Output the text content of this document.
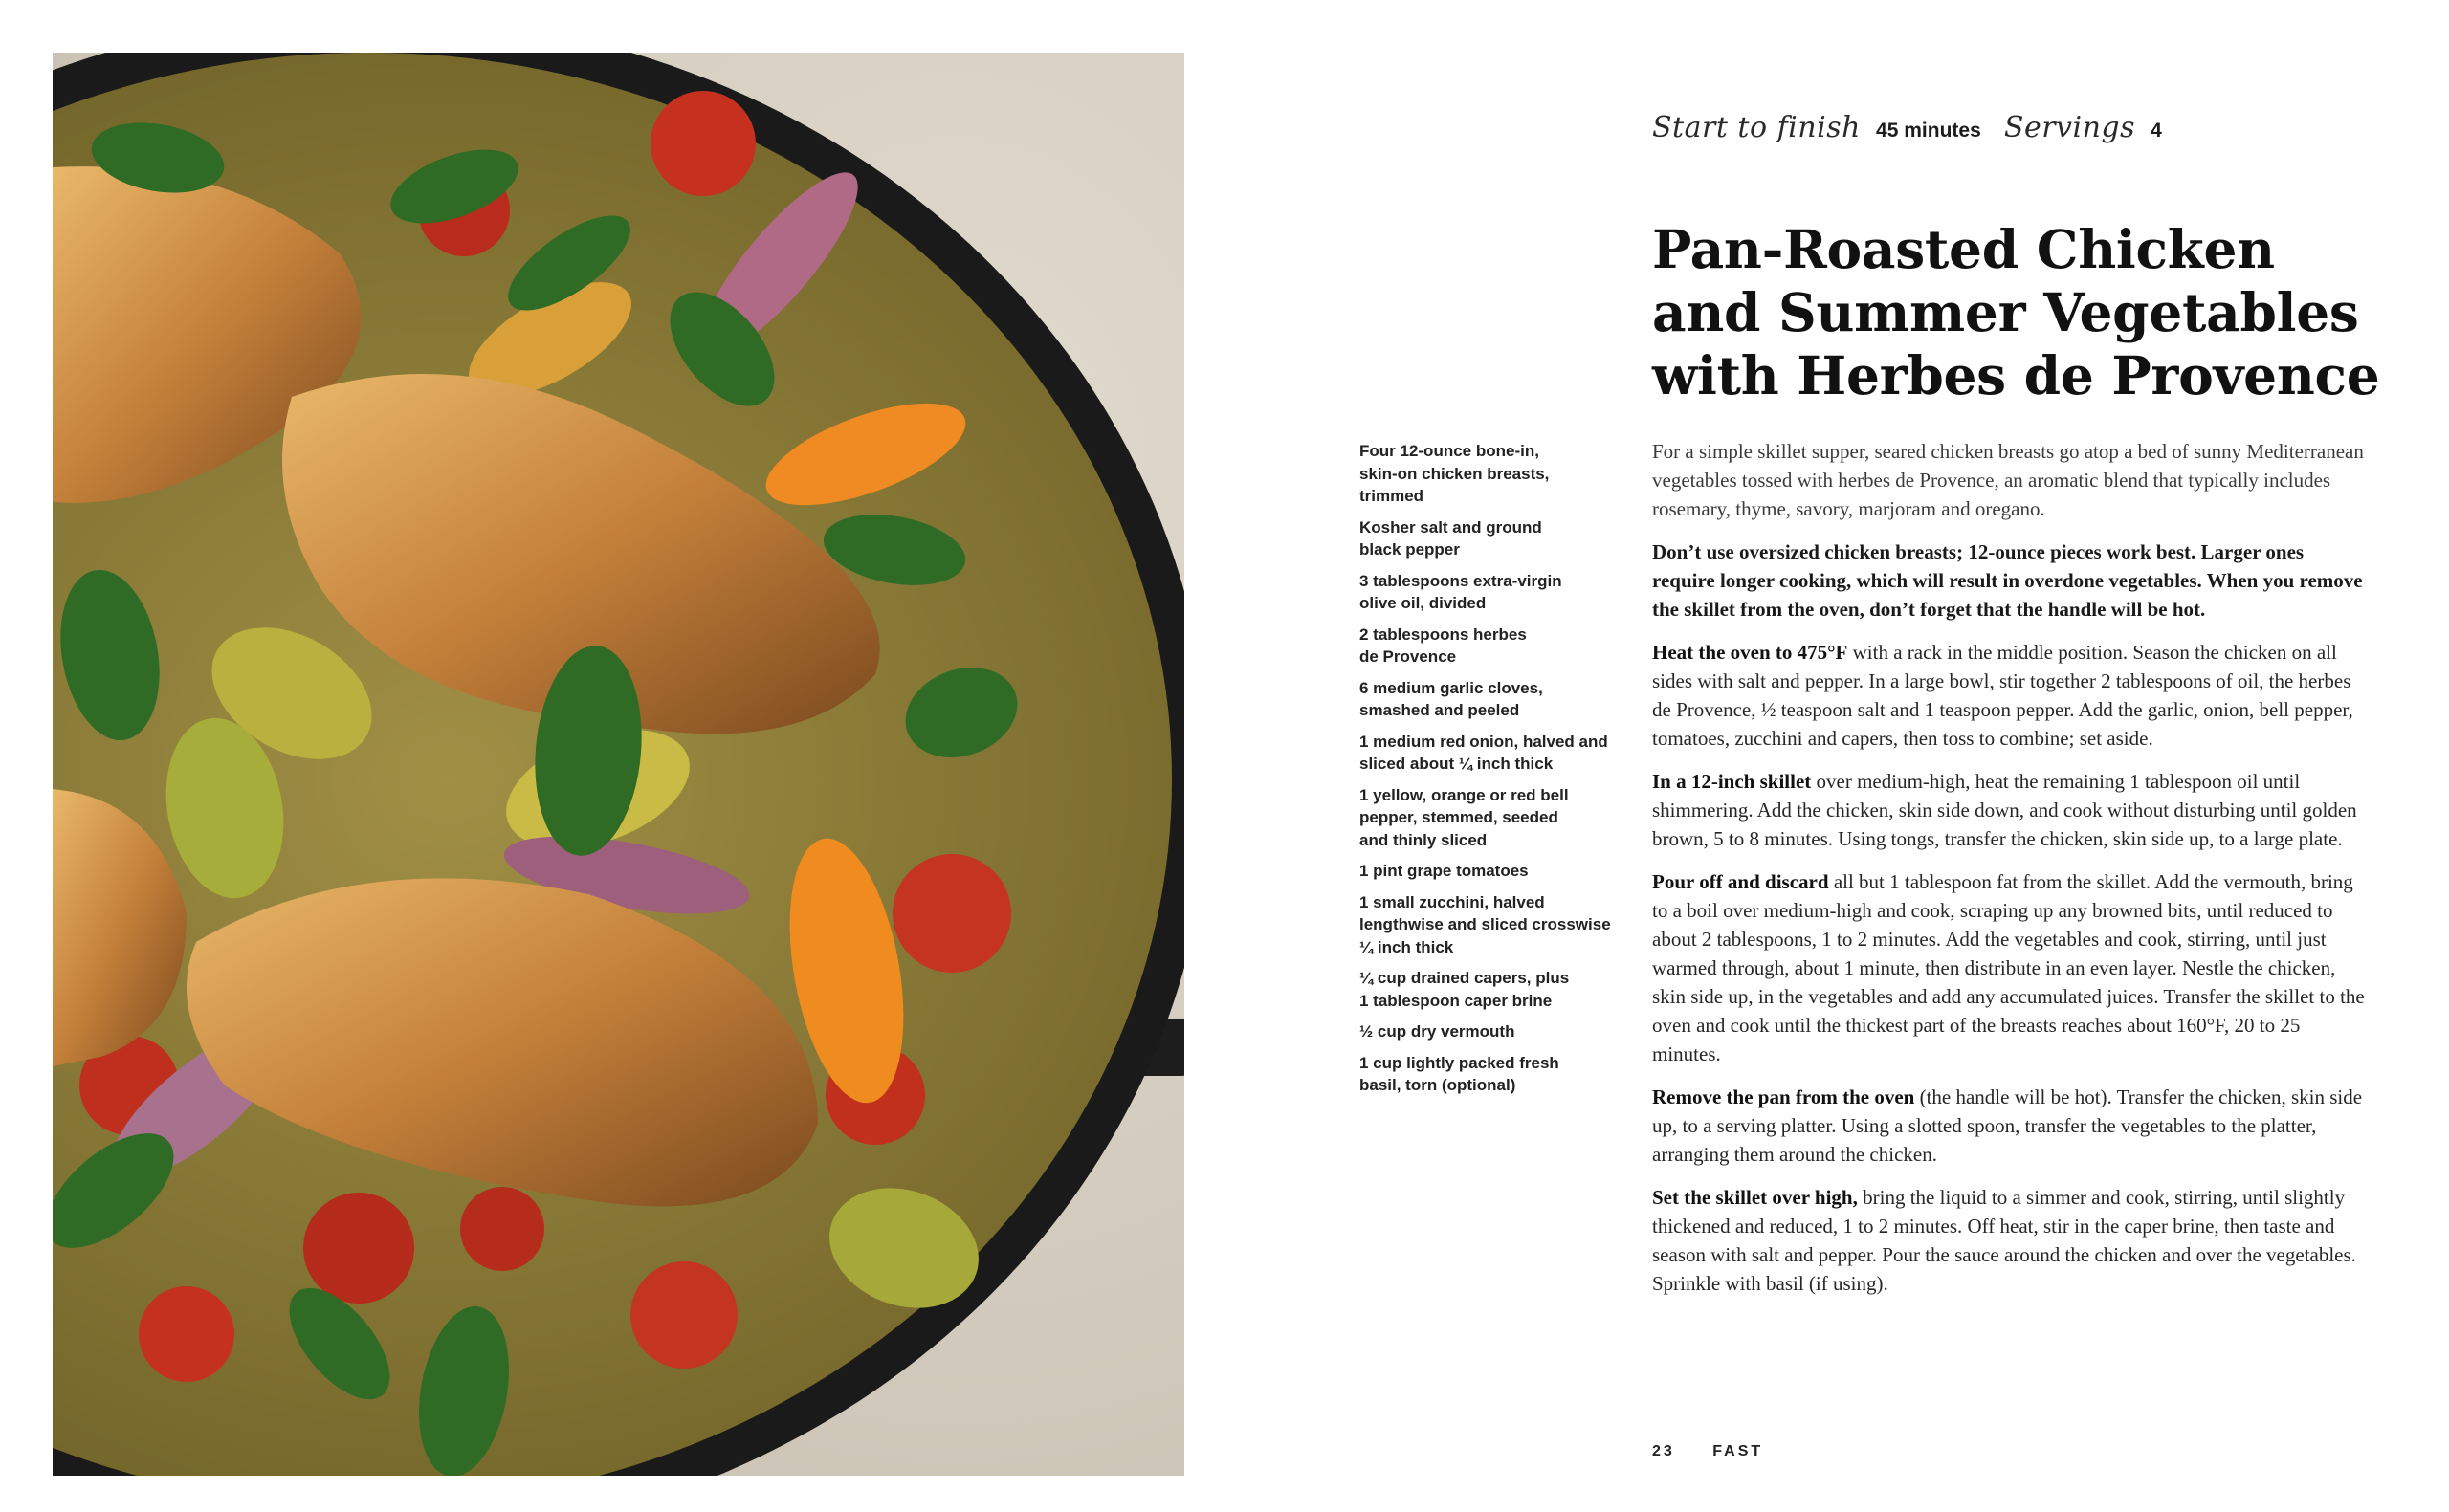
Start to finish 45 minutes Servings 4
Pan-Roasted Chicken
and Summer Vegetables
with Herbes de Provence
Four 12-ounce bone-in,
skin-on chicken breasts,
trimmed
Kosher salt and ground
black pepper
3 tablespoons extra-virgin
olive oil, divided
2 tablespoons herbes
de Provence
6 medium garlic cloves,
smashed and peeled
1 medium red onion, halved and
sliced about ¼ inch thick
1 yellow, orange or red bell
pepper, stemmed, seeded
and thinly sliced
1 pint grape tomatoes
1 small zucchini, halved
lengthwise and sliced crosswise
¼ inch thick
¼ cup drained capers, plus
1 tablespoon caper brine
½ cup dry vermouth
1 cup lightly packed fresh
basil, torn (optional)

For a simple skillet supper, seared chicken breasts go atop a bed of sunny Mediterranean vegetables tossed with herbes de Provence, an aromatic blend that typically includes rosemary, thyme, savory, marjoram and oregano.

Don’t use oversized chicken breasts; 12-ounce pieces work best. Larger ones require longer cooking, which will result in overdone vegetables. When you remove the skillet from the oven, don’t forget that the handle will be hot.

Heat the oven to 475°F with a rack in the middle position. Season the chicken on all sides with salt and pepper. In a large bowl, stir together 2 tablespoons of oil, the herbes de Provence, ½ teaspoon salt and 1 teaspoon pepper. Add the garlic, onion, bell pepper, tomatoes, zucchini and capers, then toss to combine; set aside.

In a 12-inch skillet over medium-high, heat the remaining 1 tablespoon oil until shimmering. Add the chicken, skin side down, and cook without disturbing until golden brown, 5 to 8 minutes. Using tongs, transfer the chicken, skin side up, to a large plate.

Pour off and discard all but 1 tablespoon fat from the skillet. Add the vermouth, bring to a boil over medium-high and cook, scraping up any browned bits, until reduced to about 2 tablespoons, 1 to 2 minutes. Add the vegetables and cook, stirring, until just warmed through, about 1 minute, then distribute in an even layer. Nestle the chicken, skin side up, in the vegetables and add any accumulated juices. Transfer the skillet to the oven and cook until the thickest part of the breasts reaches about 160°F, 20 to 25 minutes.

Remove the pan from the oven (the handle will be hot). Transfer the chicken, skin side up, to a serving platter. Using a slotted spoon, transfer the vegetables to the platter, arranging them around the chicken.

Set the skillet over high, bring the liquid to a simmer and cook, stirring, until slightly thickened and reduced, 1 to 2 minutes. Off heat, stir in the caper brine, then taste and season with salt and pepper. Pour the sauce around the chicken and over the vegetables. Sprinkle with basil (if using).

23 FAST
